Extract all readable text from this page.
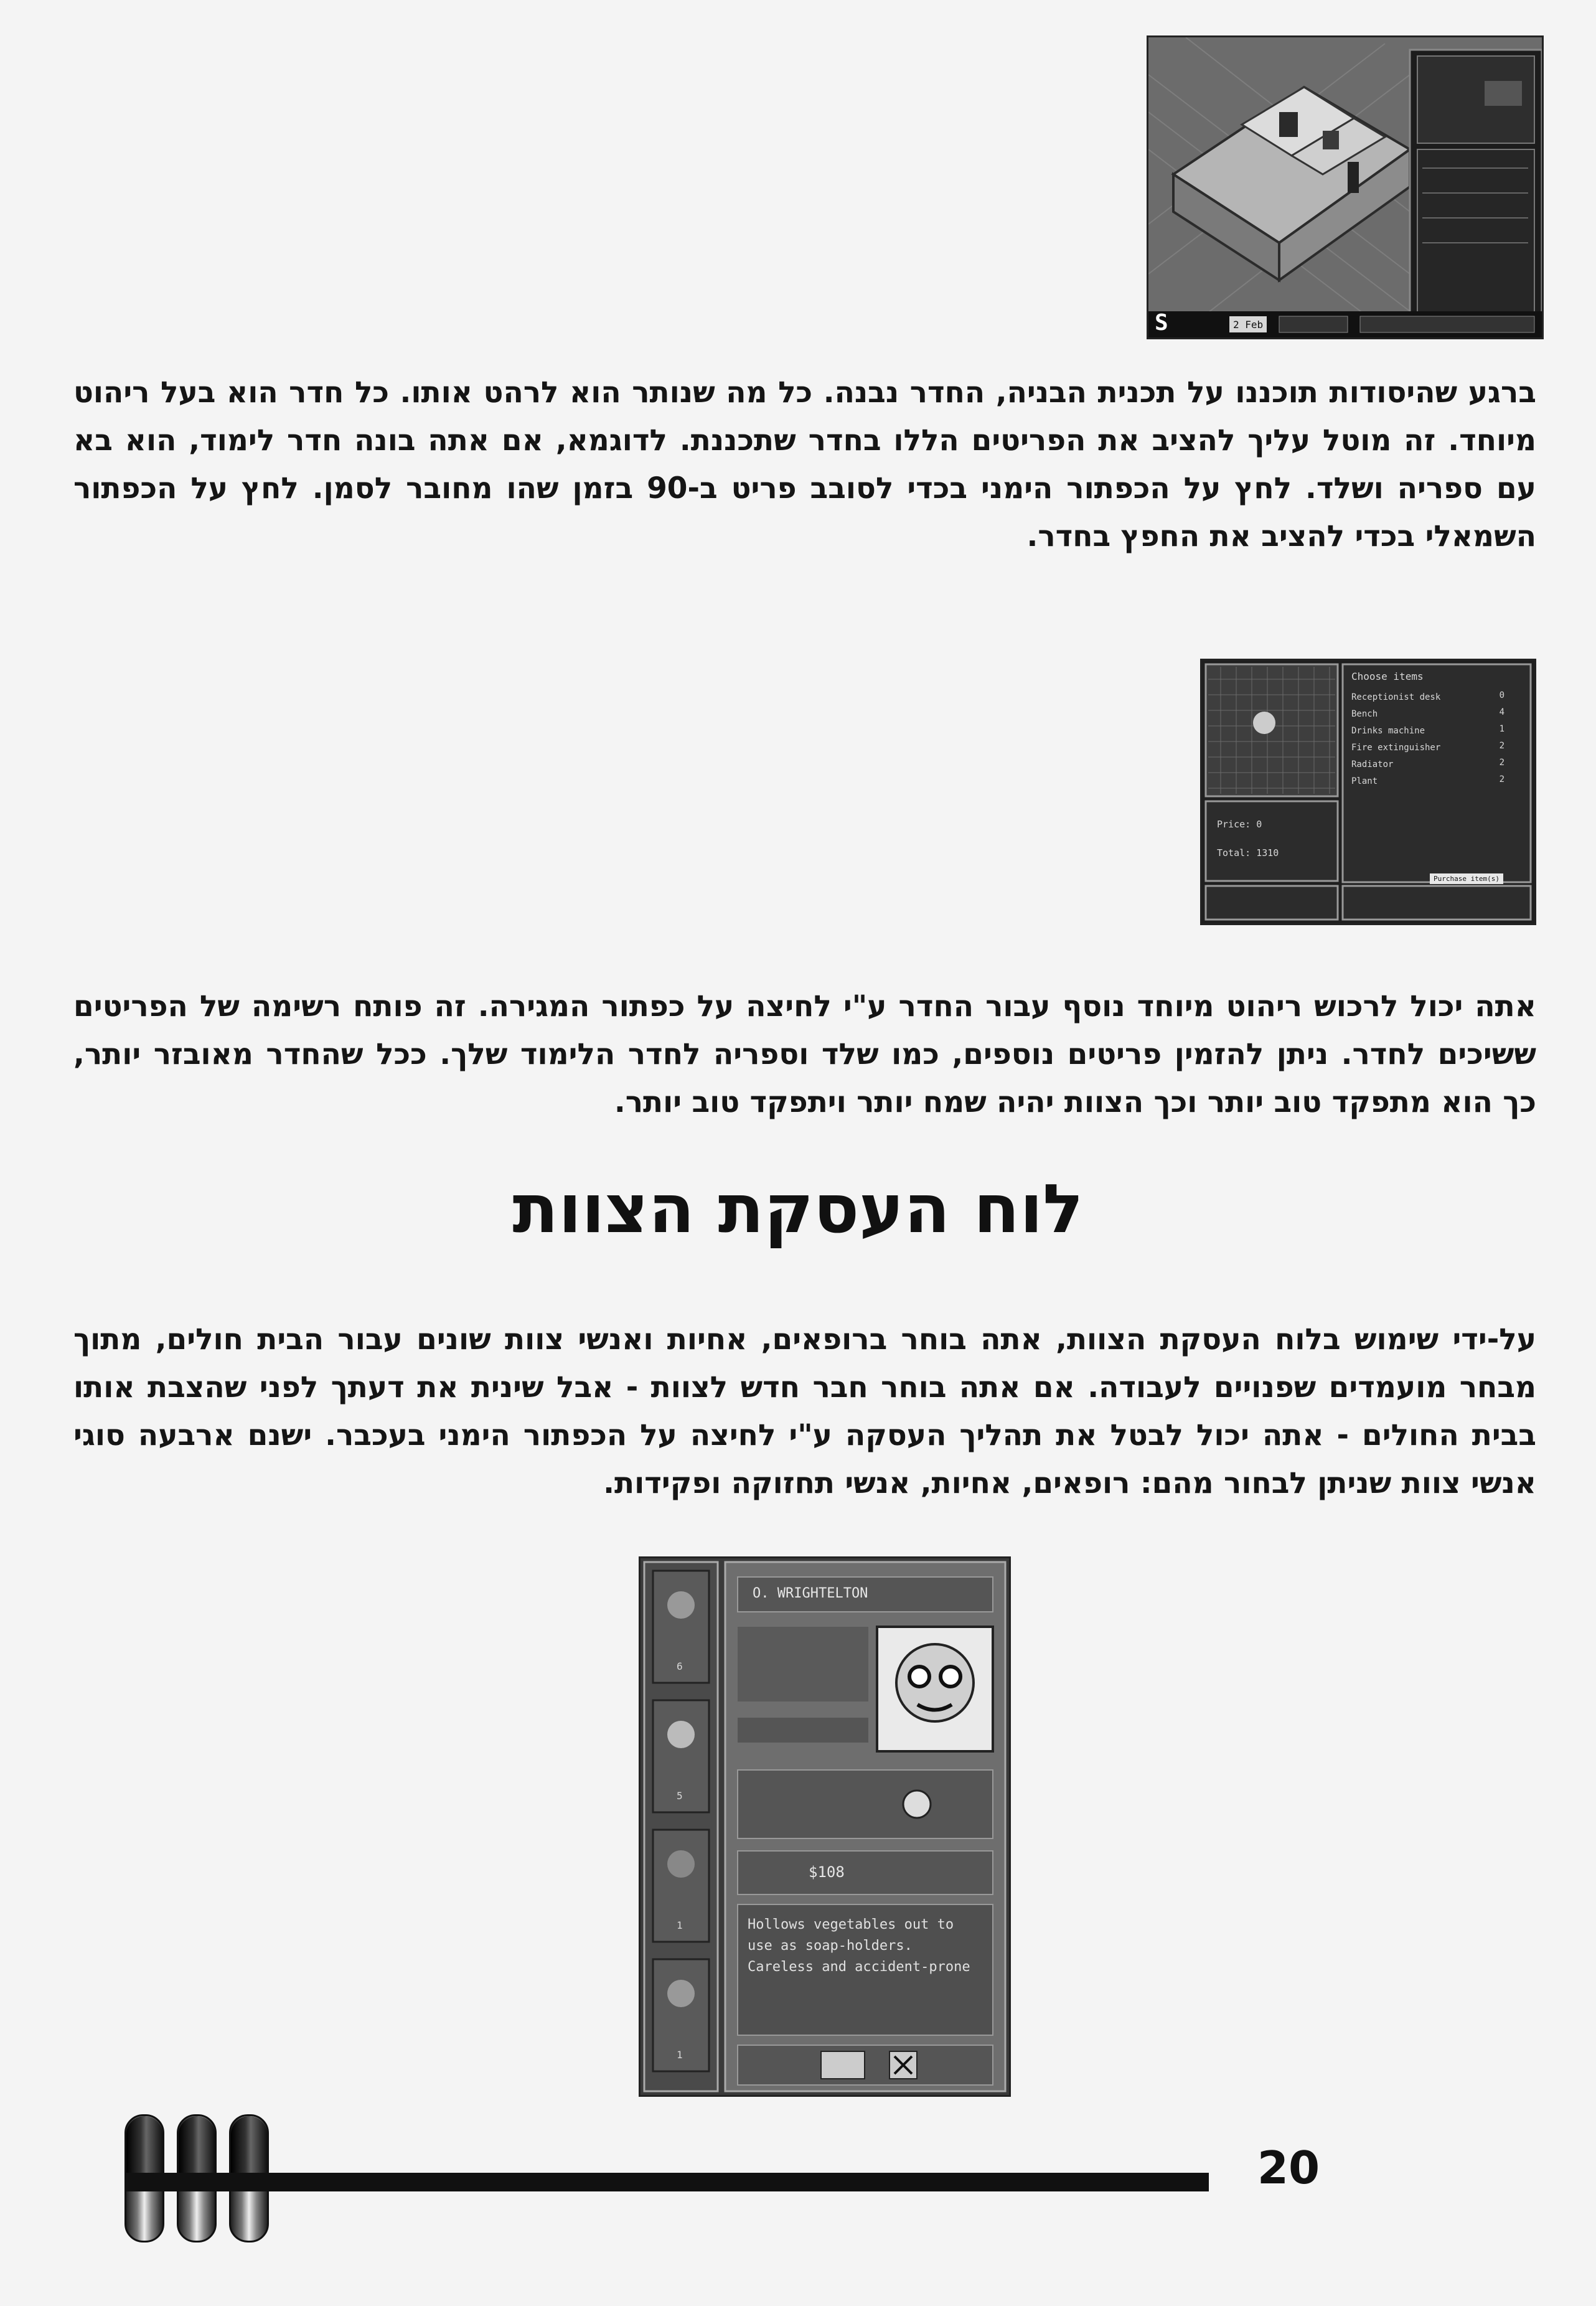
S	2 Feb

ברגע שהיסודות תוכננו על תכנית הבניה, החדר נבנה. כל מה שנותר הוא לרהט אותו. כל חדר הוא בעל ריהוט מיוחד. זה מוטל עליך להציב את הפריטים הללו בחדר שתכננת. לדוגמא, אם אתה בונה חדר לימוד, הוא בא עם ספריה ושלד. לחץ על הכפתור הימני בכדי לסובב פריט ב-90 בזמן שהו מחובר לסמן. לחץ על הכפתור השמאלי בכדי להציב את החפץ בחדר.

Choose items
Receptionist desk	0
Bench	4
Drinks machine	1
Fire extinguisher	2
Radiator	2
Plant	2
Price: 0
Total: 1310
Purchase item(s)

אתה יכול לרכוש ריהוט מיוחד נוסף עבור החדר ע"י לחיצה על כפתור המגירה. זה פותח רשימה של הפריטים ששיכים לחדר. ניתן להזמין פריטים נוספים, כמו שלד וספריה לחדר הלימוד שלך. ככל שהחדר מאובזר יותר, כך הוא מתפקד טוב יותר וכך הצוות יהיה שמח יותר ויתפקד טוב יותר.

לוח העסקת הצוות

על-ידי שימוש בלוח העסקת הצוות, אתה בוחר ברופאים, אחיות ואנשי צוות שונים עבור הבית חולים, מתוך מבחר מועמדים שפנויים לעבודה. אם אתה בוחר חבר חדש לצוות - אבל שינית את דעתך לפני שהצבת אותו בבית החולים - אתה יכול לבטל את תהליך העסקה ע"י לחיצה על הכפתור הימני בעכבר. ישנם ארבעה סוגי אנשי צוות שניתן לבחור מהם: רופאים, אחיות, אנשי תחזוקה ופקידות.

O. WRIGHTELTON
$108
Hollows vegetables out to use as soap-holders. Careless and accident-prone
6
5
1
1
20
